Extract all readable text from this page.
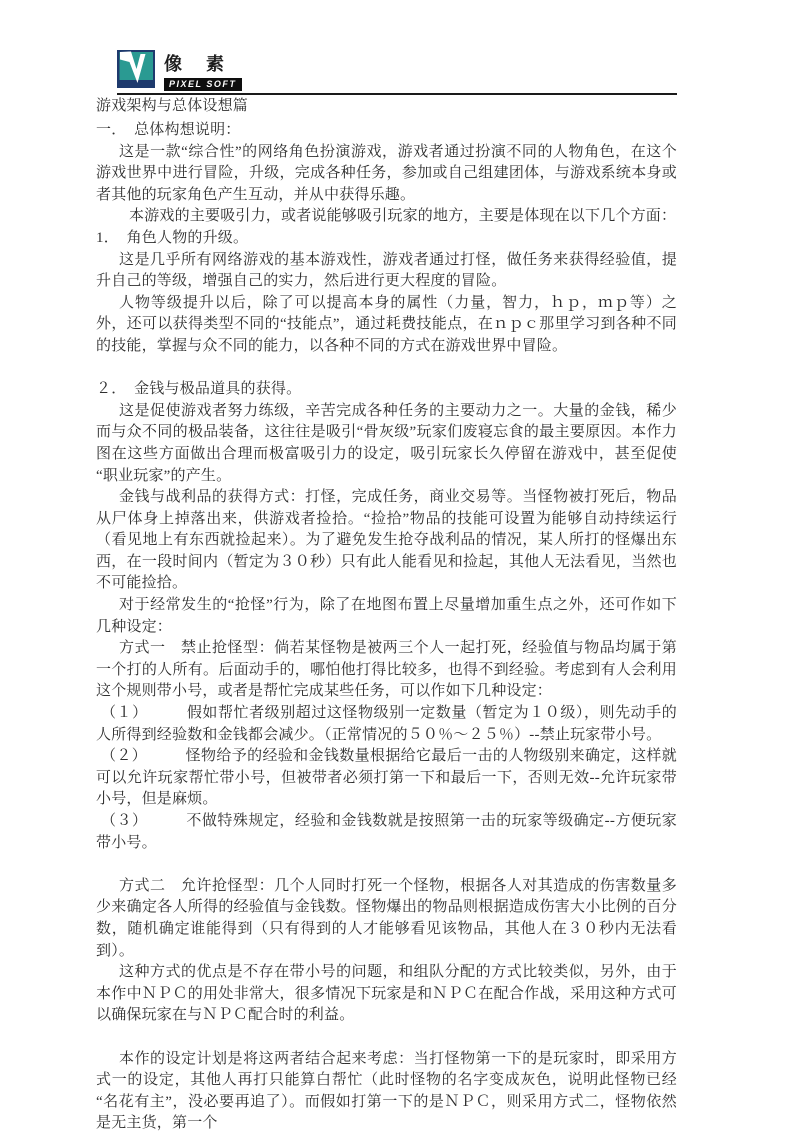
像素
PIXEL SOFT

游戏架构与总体设想篇

一．　总体构想说明：

这是一款“综合性”的网络角色扮演游戏，游戏者通过扮演不同的人物角色，在这个游戏世界中进行冒险，升级，完成各种任务，参加或自己组建团体，与游戏系统本身或者其他的玩家角色产生互动，并从中获得乐趣。

本游戏的主要吸引力，或者说能够吸引玩家的地方，主要是体现在以下几个方面：

1．　角色人物的升级。

这是几乎所有网络游戏的基本游戏性，游戏者通过打怪，做任务来获得经验值，提升自己的等级，增强自己的实力，然后进行更大程度的冒险。

人物等级提升以后，除了可以提高本身的属性（力量，智力，ｈｐ，ｍｐ等）之外，还可以获得类型不同的“技能点”，通过耗费技能点，在ｎｐｃ那里学习到各种不同的技能，掌握与众不同的能力，以各种不同的方式在游戏世界中冒险。

２．　金钱与极品道具的获得。

这是促使游戏者努力练级，辛苦完成各种任务的主要动力之一。大量的金钱，稀少而与众不同的极品装备，这往往是吸引“骨灰级”玩家们废寝忘食的最主要原因。本作力图在这些方面做出合理而极富吸引力的设定，吸引玩家长久停留在游戏中，甚至促使“职业玩家”的产生。

金钱与战利品的获得方式：打怪，完成任务，商业交易等。当怪物被打死后，物品从尸体身上掉落出来，供游戏者捡拾。“捡拾”物品的技能可设置为能够自动持续运行（看见地上有东西就捡起来）。为了避免发生抢夺战利品的情况，某人所打的怪爆出东西，在一段时间内（暂定为３０秒）只有此人能看见和捡起，其他人无法看见，当然也不可能捡拾。

对于经常发生的“抢怪”行为，除了在地图布置上尽量增加重生点之外，还可作如下几种设定：

方式一　禁止抢怪型：倘若某怪物是被两三个人一起打死，经验值与物品均属于第一个打的人所有。后面动手的，哪怕他打得比较多，也得不到经验。考虑到有人会利用这个规则带小号，或者是帮忙完成某些任务，可以作如下几种设定：

（１）　　　假如帮忙者级别超过这怪物级别一定数量（暂定为１０级），则先动手的人所得到经验数和金钱都会减少。（正常情况的５０％～２５％）--禁止玩家带小号。

（２）　　　怪物给予的经验和金钱数量根据给它最后一击的人物级别来确定，这样就可以允许玩家帮忙带小号，但被带者必须打第一下和最后一下，否则无效--允许玩家带小号，但是麻烦。

（３）　　　不做特殊规定，经验和金钱数就是按照第一击的玩家等级确定--方便玩家带小号。

方式二　允许抢怪型：几个人同时打死一个怪物，根据各人对其造成的伤害数量多少来确定各人所得的经验值与金钱数。怪物爆出的物品则根据造成伤害大小比例的百分数，随机确定谁能得到（只有得到的人才能够看见该物品，其他人在３０秒内无法看到）。

这种方式的优点是不存在带小号的问题，和组队分配的方式比较类似，另外，由于本作中ＮＰＣ的用处非常大，很多情况下玩家是和ＮＰＣ在配合作战，采用这种方式可以确保玩家在与ＮＰＣ配合时的利益。

本作的设定计划是将这两者结合起来考虑：当打怪物第一下的是玩家时，即采用方式一的设定，其他人再打只能算白帮忙（此时怪物的名字变成灰色，说明此怪物已经“名花有主”，没必要再追了）。而假如打第一下的是ＮＰＣ，则采用方式二，怪物依然是无主货，第一个
